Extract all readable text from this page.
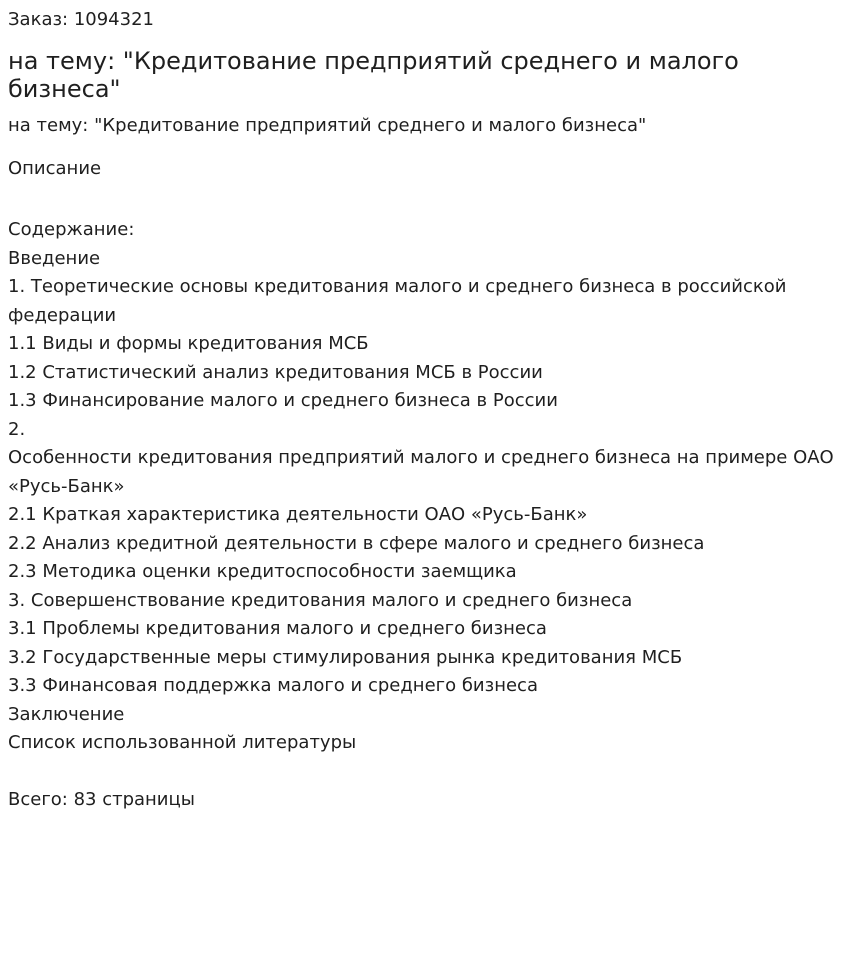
Заказ: 1094321

на тему: "Кредитование предприятий среднего и малого бизнеса"

на тему: "Кредитование предприятий среднего и малого бизнеса"

Описание

Содержание:

Введение
1. Теоретические основы кредитования малого и среднего бизнеса в российской федерации
1.1 Виды и формы кредитования МСБ
1.2 Статистический анализ кредитования МСБ в России
1.3 Финансирование малого и среднего бизнеса в России
2.
Особенности кредитования предприятий малого и среднего бизнеса на примере ОАО «Русь-Банк»
2.1 Краткая характеристика деятельности ОАО «Русь-Банк»
2.2 Анализ кредитной деятельности в сфере малого и среднего бизнеса
2.3 Методика оценки кредитоспособности заемщика
3. Совершенствование кредитования малого и среднего бизнеса
3.1 Проблемы кредитования малого и среднего бизнеса
3.2 Государственные меры стимулирования рынка кредитования МСБ
3.3 Финансовая поддержка малого и среднего бизнеса
Заключение
Список использованной литературы

Всего: 83 страницы
